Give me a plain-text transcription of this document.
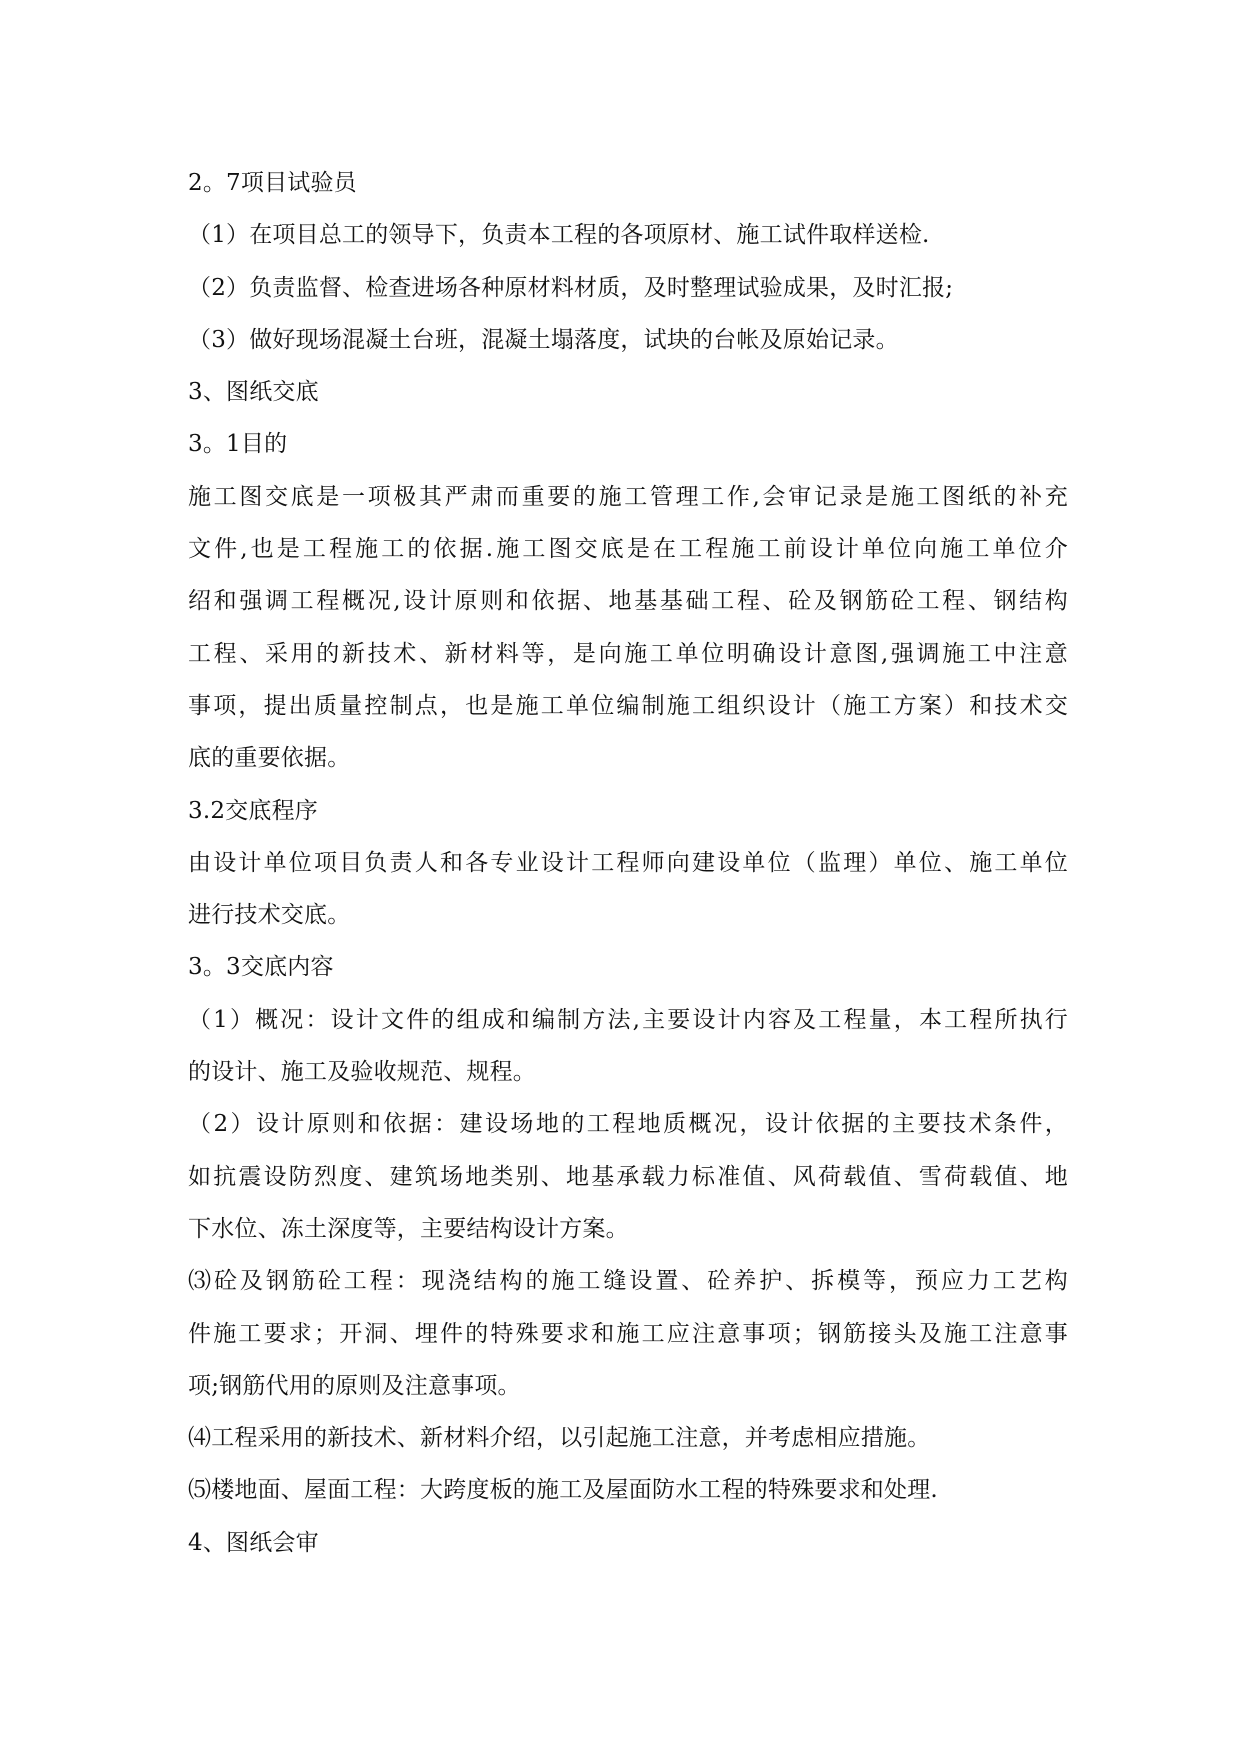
2。7项目试验员
（1）在项目总工的领导下，负责本工程的各项原材、施工试件取样送检.
（2）负责监督、检查进场各种原材料材质，及时整理试验成果，及时汇报;
（3）做好现场混凝土台班，混凝土塌落度，试块的台帐及原始记录。
3、图纸交底
3。1目的
施工图交底是一项极其严肃而重要的施工管理工作,会审记录是施工图纸的补充
文件,也是工程施工的依据.施工图交底是在工程施工前设计单位向施工单位介
绍和强调工程概况,设计原则和依据、地基基础工程、砼及钢筋砼工程、钢结构
工程、采用的新技术、新材料等，是向施工单位明确设计意图,强调施工中注意
事项，提出质量控制点，也是施工单位编制施工组织设计（施工方案）和技术交
底的重要依据。
3.2交底程序
由设计单位项目负责人和各专业设计工程师向建设单位（监理）单位、施工单位
进行技术交底。
3。3交底内容
（1）概况：设计文件的组成和编制方法,主要设计内容及工程量，本工程所执行
的设计、施工及验收规范、规程。
（2）设计原则和依据：建设场地的工程地质概况，设计依据的主要技术条件，
如抗震设防烈度、建筑场地类别、地基承载力标准值、风荷载值、雪荷载值、地
下水位、冻土深度等，主要结构设计方案。
⑶砼及钢筋砼工程：现浇结构的施工缝设置、砼养护、拆模等，预应力工艺构
件施工要求；开洞、埋件的特殊要求和施工应注意事项；钢筋接头及施工注意事
项;钢筋代用的原则及注意事项。
⑷工程采用的新技术、新材料介绍，以引起施工注意，并考虑相应措施。
⑸楼地面、屋面工程：大跨度板的施工及屋面防水工程的特殊要求和处理.
4、图纸会审
